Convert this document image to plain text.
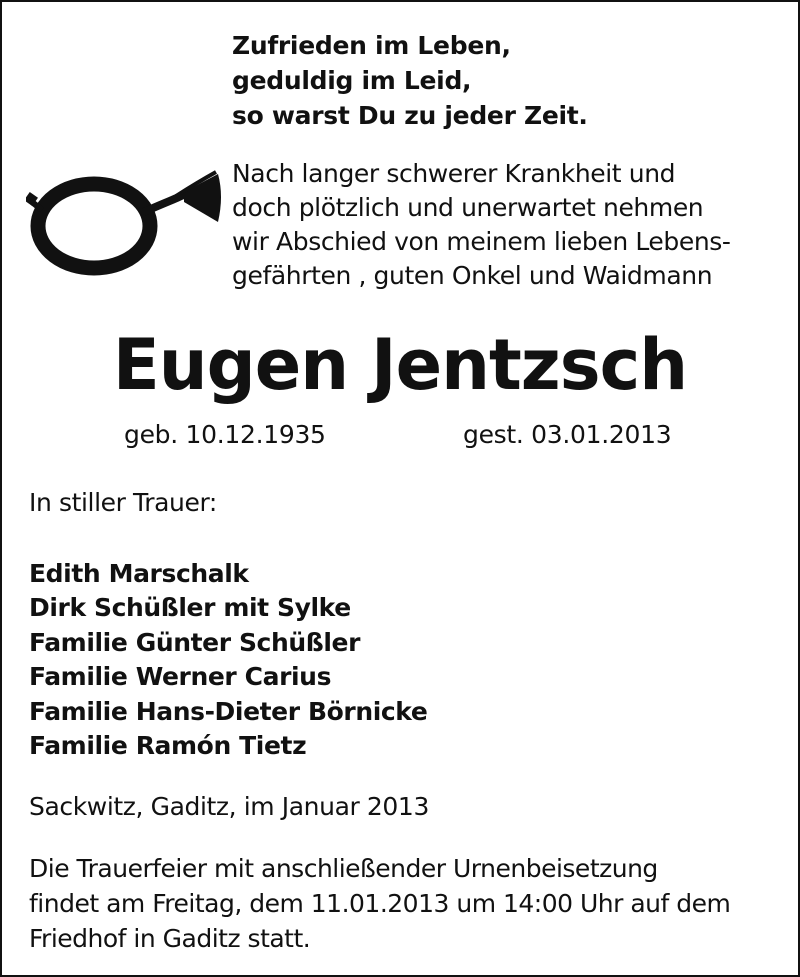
Zufrieden im Leben,
geduldig im Leid,
so warst Du zu jeder Zeit.
Nach langer schwerer Krankheit und
doch plötzlich und unerwartet nehmen
wir Abschied von meinem lieben Lebens-
gefährten , guten Onkel und Waidmann
Eugen Jentzsch
geb. 10.12.1935	gest. 03.01.2013
In stiller Trauer:
Edith Marschalk
Dirk Schüßler mit Sylke
Familie Günter Schüßler
Familie Werner Carius
Familie Hans-Dieter Börnicke
Familie Ramón Tietz
Sackwitz, Gaditz, im Januar 2013
Die Trauerfeier mit anschließender Urnenbeisetzung
findet am Freitag, dem 11.01.2013 um 14:00 Uhr auf dem
Friedhof in Gaditz statt.
